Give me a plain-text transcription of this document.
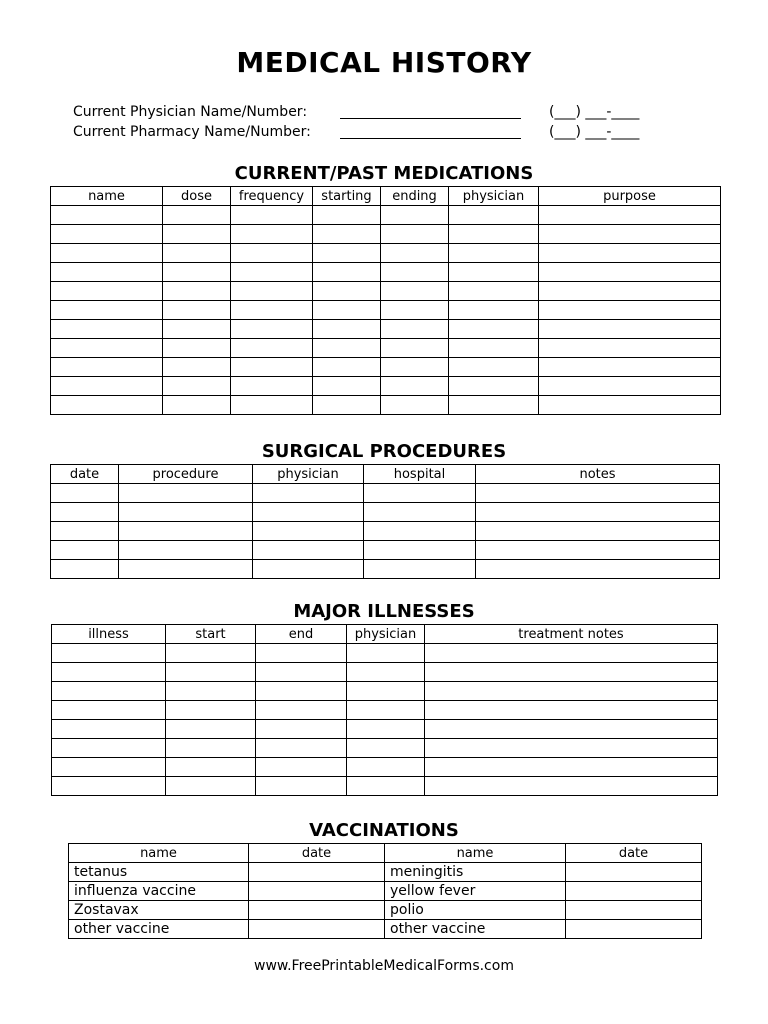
MEDICAL HISTORY
Current Physician Name/Number:	(___) ___-____
Current Pharmacy Name/Number:	(___) ___-____
CURRENT/PAST MEDICATIONS
name	dose	frequency	starting	ending	physician	purpose

SURGICAL PROCEDURES
date	procedure	physician	hospital	notes

MAJOR ILLNESSES
illness	start	end	physician	treatment notes

VACCINATIONS
name	date	name	date
tetanus		meningitis	
influenza vaccine		yellow fever	
Zostavax		polio	
other vaccine		other vaccine	
www.FreePrintableMedicalForms.com
